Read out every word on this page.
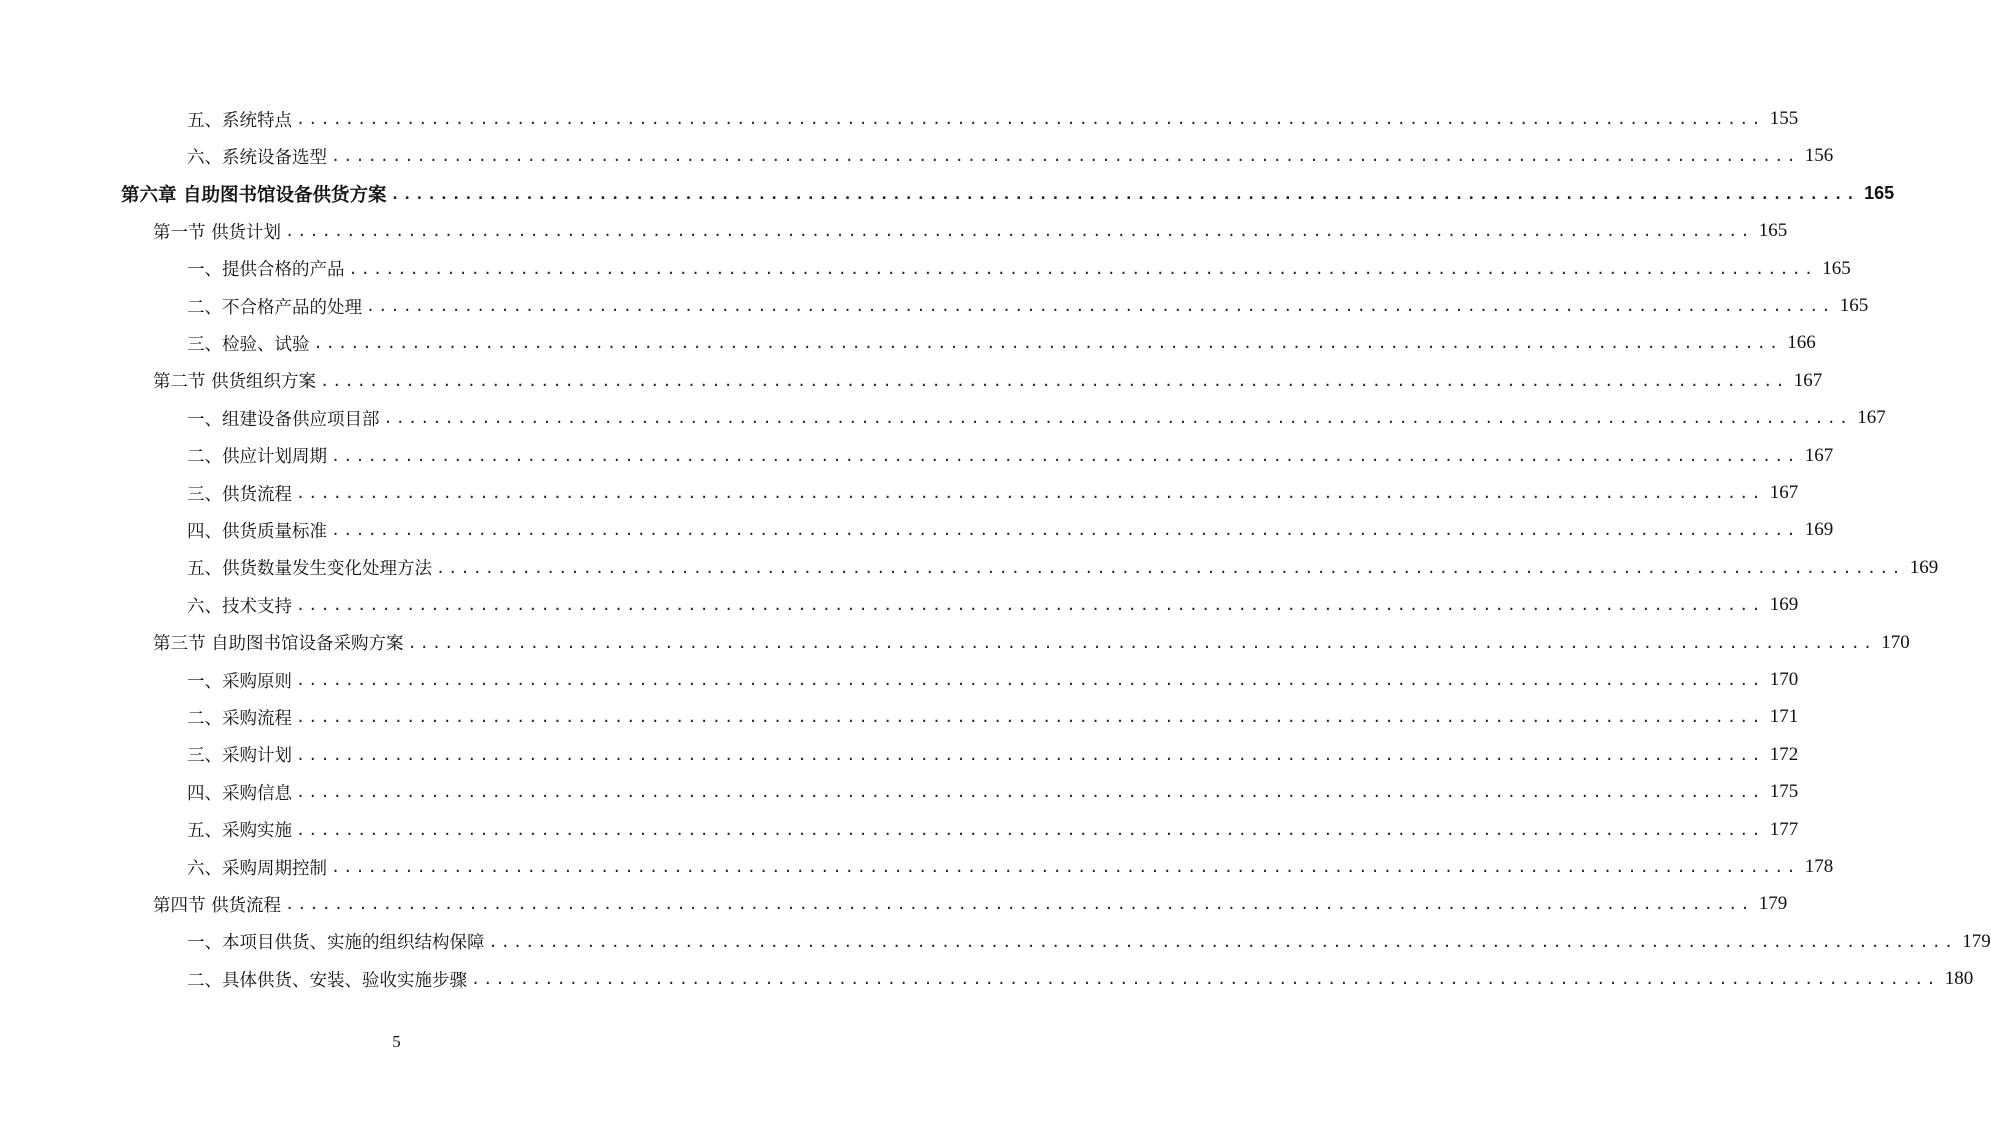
五、系统特点 ........................................................................................................................ 155
六、系统设备选型 ........................................................................................................................ 156
第六章 自助图书馆设备供货方案 ........................................................................................................................ 165
第一节 供货计划 ........................................................................................................................ 165
一、提供合格的产品 ........................................................................................................................ 165
二、不合格产品的处理 ........................................................................................................................ 165
三、检验、试验 ........................................................................................................................ 166
第二节 供货组织方案 ........................................................................................................................ 167
一、组建设备供应项目部 ........................................................................................................................ 167
二、供应计划周期 ........................................................................................................................ 167
三、供货流程 ........................................................................................................................ 167
四、供货质量标准 ........................................................................................................................ 169
五、供货数量发生变化处理方法 ........................................................................................................................ 169
六、技术支持 ........................................................................................................................ 169
第三节 自助图书馆设备采购方案 ........................................................................................................................ 170
一、采购原则 ........................................................................................................................ 170
二、采购流程 ........................................................................................................................ 171
三、采购计划 ........................................................................................................................ 172
四、采购信息 ........................................................................................................................ 175
五、采购实施 ........................................................................................................................ 177
六、采购周期控制 ........................................................................................................................ 178
第四节 供货流程 ........................................................................................................................ 179
一、本项目供货、实施的组织结构保障 ........................................................................................................................ 179
二、具体供货、安装、验收实施步骤 ........................................................................................................................ 180
5
